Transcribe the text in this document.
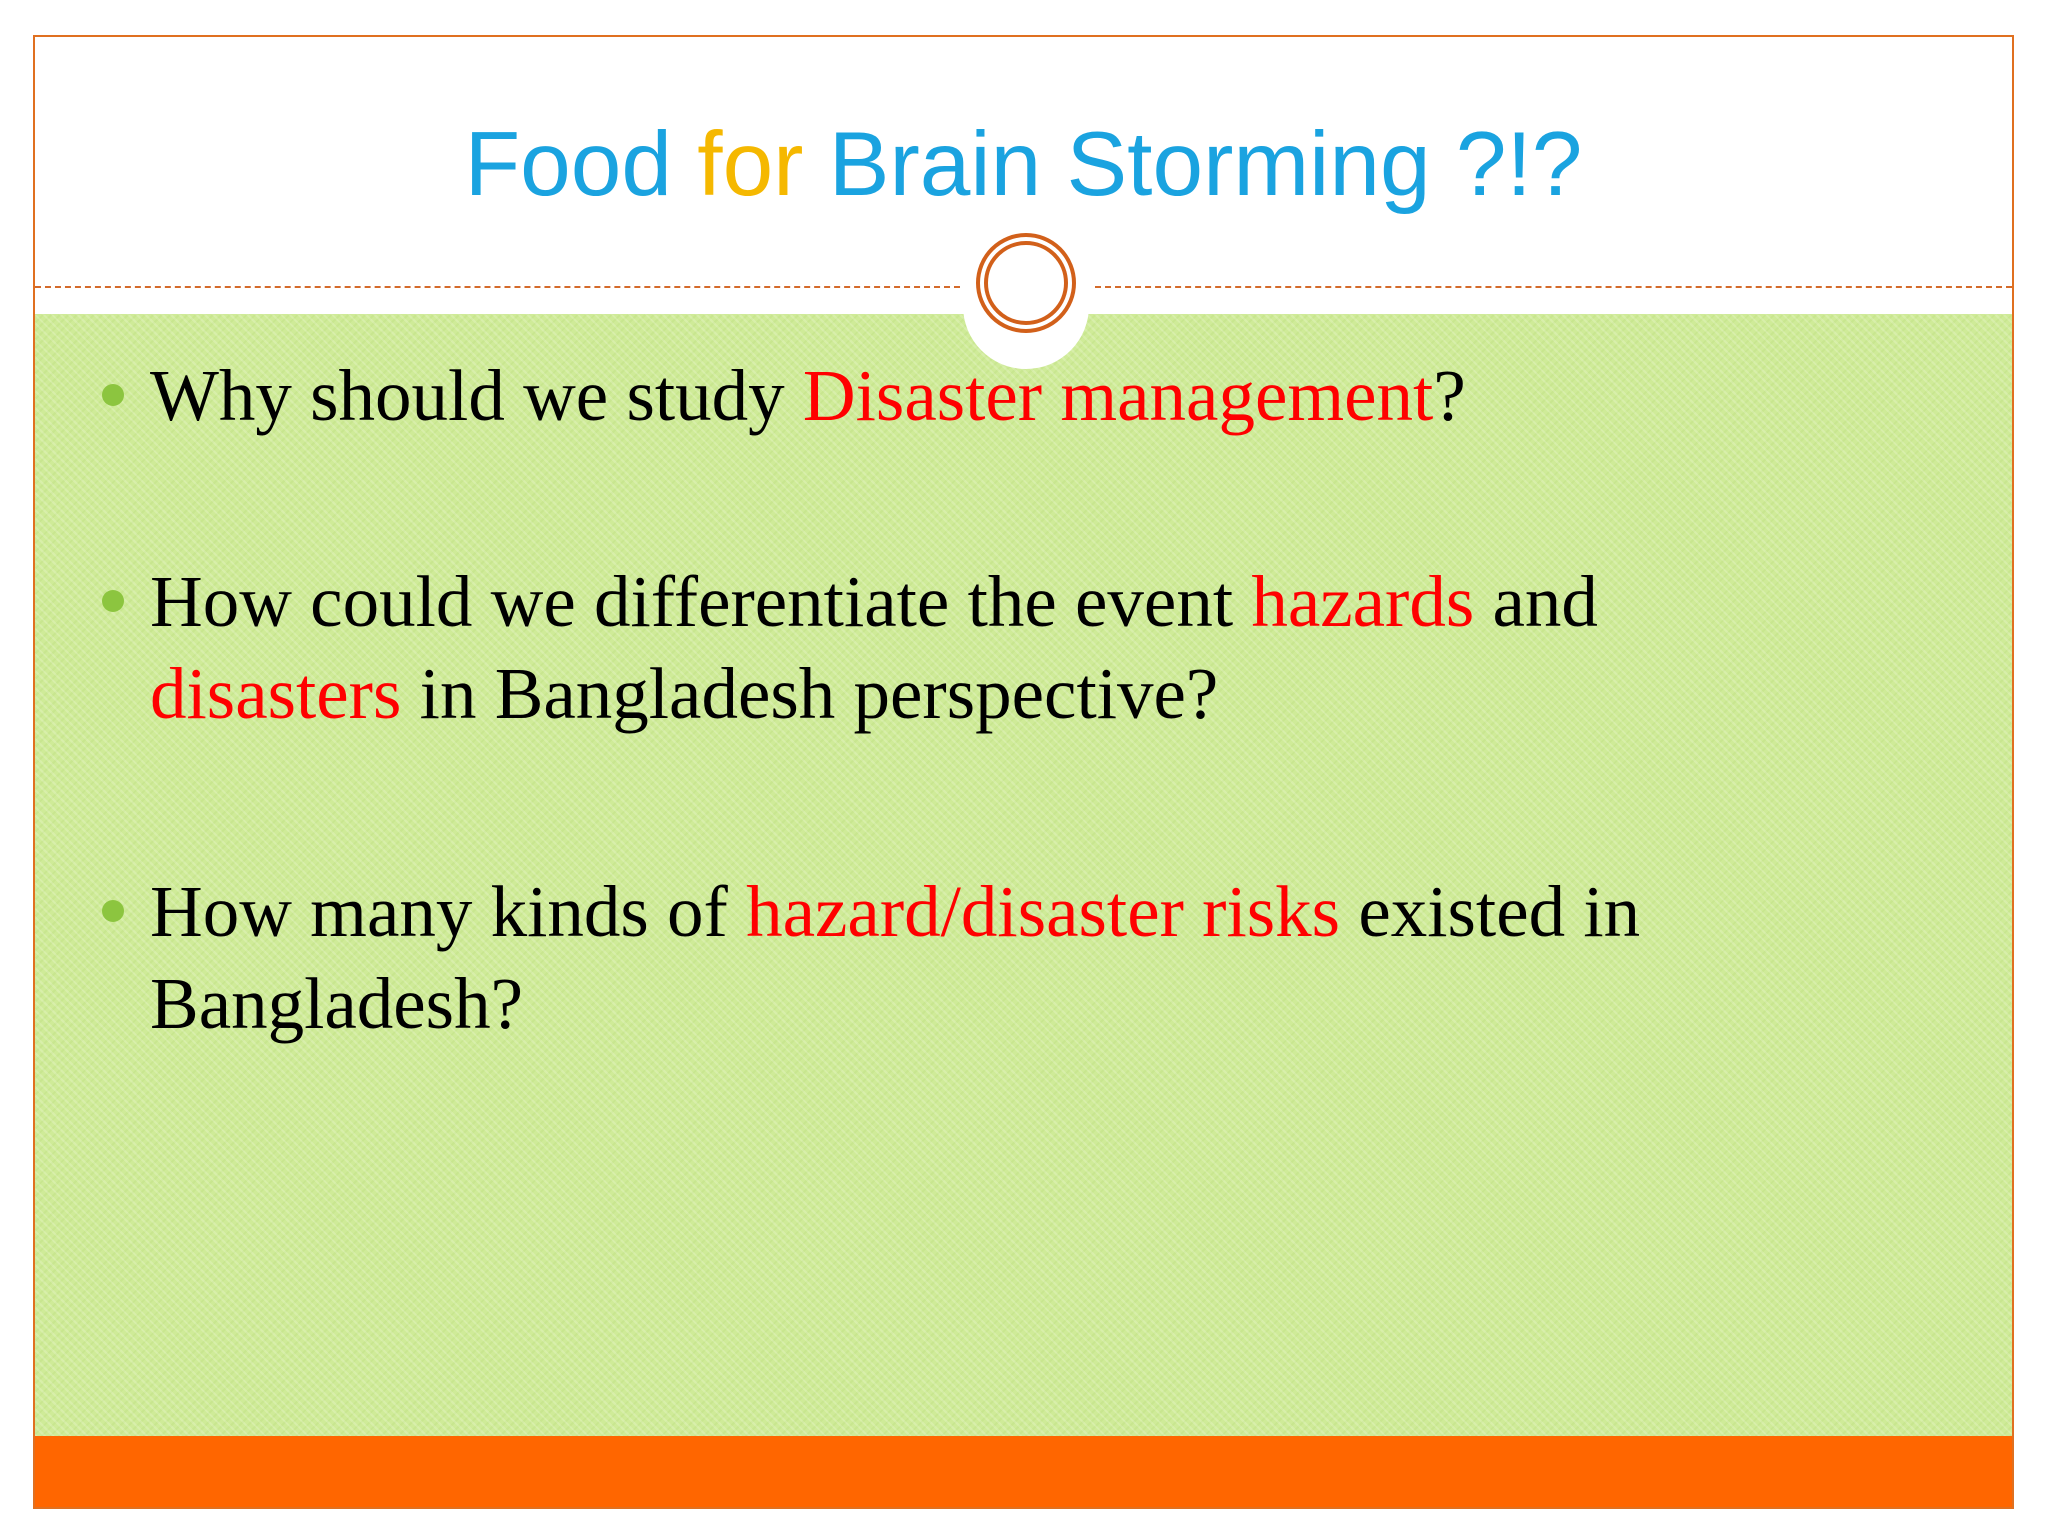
Food for Brain Storming ?!?
Why should we study Disaster management?
How could we differentiate the event hazards and
disasters in Bangladesh perspective?
How many kinds of hazard/disaster risks existed in Bangladesh?
